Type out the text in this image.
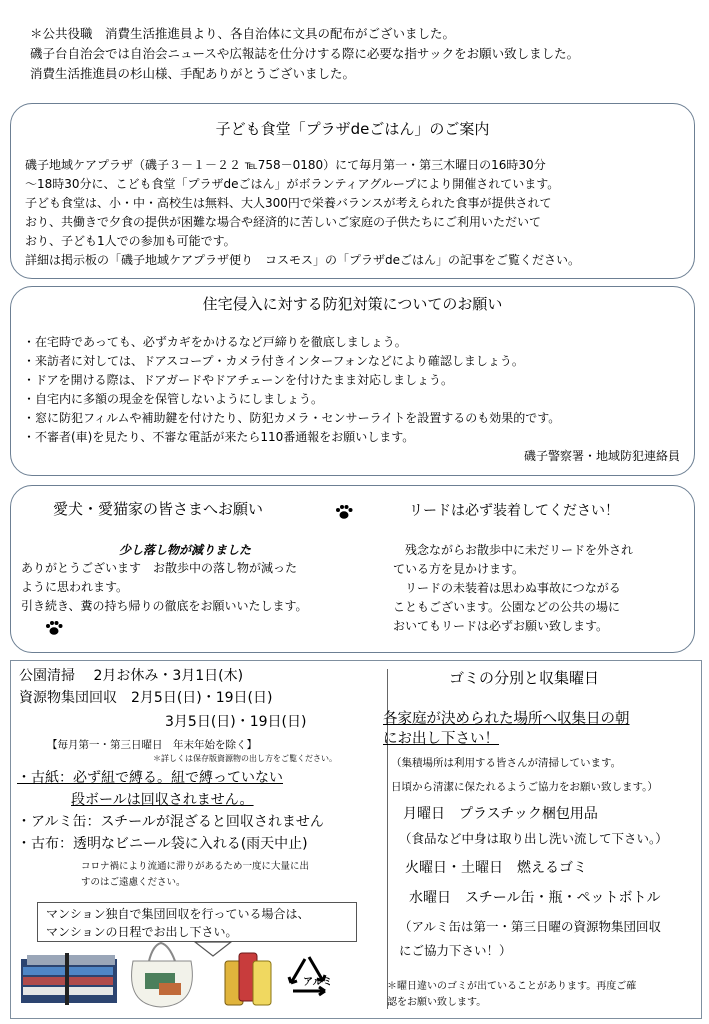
＊公共役職　消費生活推進員より、各自治体に文具の配布がございました。
磯子台自治会では自治会ニュースや広報誌を仕分けする際に必要な指サックをお願い致しました。
消費生活推進員の杉山様、手配ありがとうございました。
子ども食堂「プラザdeごはん」のご案内
磯子地域ケアプラザ（磯子３－１－２２ ℡758－0180）にて毎月第一・第三木曜日の16時30分
～18時30分に、こども食堂「プラザdeごはん」がボランティアグループにより開催されています。
子ども食堂は、小・中・高校生は無料、大人300円で栄養バランスが考えられた食事が提供されて
おり、共働きで夕食の提供が困難な場合や経済的に苦しいご家庭の子供たちにご利用いただいて
おり、子ども1人での参加も可能です。
詳細は掲示板の「磯子地域ケアプラザ便り　コスモス」の「プラザdeごはん」の記事をご覧ください。
住宅侵入に対する防犯対策についてのお願い
・在宅時であっても、必ずカギをかけるなど戸締りを徹底しましょう。
・来訪者に対しては、ドアスコープ・カメラ付きインターフォンなどにより確認しましょう。
・ドアを開ける際は、ドアガードやドアチェーンを付けたまま対応しましょう。
・自宅内に多額の現金を保管しないようにしましょう。
・窓に防犯フィルムや補助鍵を付けたり、防犯カメラ・センサーライトを設置するのも効果的です。
・不審者(車)を見たり、不審な電話が来たら110番通報をお願いします。
磯子警察署・地域防犯連絡員
愛犬・愛猫家の皆さまへお願い	リードは必ず装着してください！
少し落し物が減りました
ありがとうございます　お散歩中の落し物が減った
ように思われます。
引き続き、糞の持ち帰りの徹底をお願いいたします。
　残念ながらお散歩中に未だリードを外され
ている方を見かけます。
　リードの未装着は思わぬ事故につながる
こともございます。公園などの公共の場に
おいてもリードは必ずお願い致します。
公園清掃　 2月お休み・3月1日(木)
資源物集団回収　2月5日(日)・19日(日)
3月5日(日)・19日(日)
【毎月第一・第三日曜日　年末年始を除く】
＊詳しくは保存版資源物の出し方をご覧ください。
・古紙：必ず紐で縛る。紐で縛っていない
段ボールは回収されません。
・アルミ缶：スチールが混ざると回収されません
・古布：透明なビニール袋に入れる(雨天中止)
コロナ禍により流通に滞りがあるため一度に大量に出
すのはご遠慮ください。
マンション独自で集団回収を行っている場合は、
マンションの日程でお出し下さい。
アルミ
ゴミの分別と収集曜日
各家庭が決められた場所へ収集日の朝
にお出し下さい！
（集積場所は利用する皆さんが清掃しています。
日頃から清潔に保たれるようご協力をお願い致します。）
月曜日　プラスチック梱包用品
（食品など中身は取り出し洗い流して下さい。）
火曜日・土曜日　燃えるゴミ
水曜日　スチール缶・瓶・ペットボトル
（アルミ缶は第一・第三日曜の資源物集団回収
にご協力下さい！）
＊曜日違いのゴミが出ていることがあります。再度ご確
認をお願い致します。
